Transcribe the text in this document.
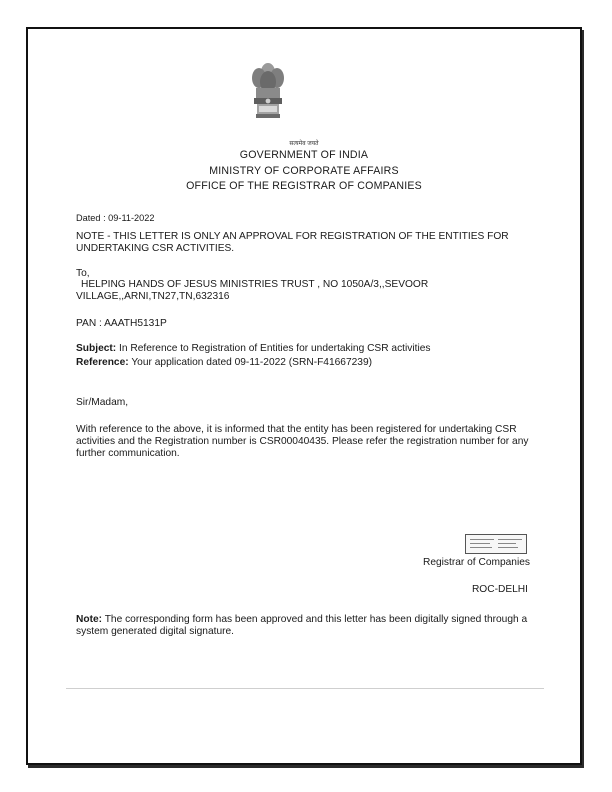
सत्यमेव जयते
GOVERNMENT OF INDIA
MINISTRY OF CORPORATE AFFAIRS
OFFICE OF THE REGISTRAR OF COMPANIES
Dated : 09-11-2022
NOTE - THIS LETTER IS ONLY AN APPROVAL FOR REGISTRATION OF THE ENTITIES FOR UNDERTAKING CSR ACTIVITIES.
To,
HELPING HANDS OF JESUS MINISTRIES TRUST , NO 1050A/3,,SEVOOR
VILLAGE,,ARNI,TN27,TN,632316
PAN : AAATH5131P
Subject: In Reference to Registration of Entities for undertaking CSR activities
Reference: Your application dated 09-11-2022 (SRN-F41667239)
Sir/Madam,
With reference to the above, it is informed that the entity has been registered for undertaking CSR activities and the Registration number is CSR00040435. Please refer the registration number for any further communication.
Registrar of Companies
ROC-DELHI
Note: The corresponding form has been approved and this letter has been digitally signed through a system generated digital signature.
